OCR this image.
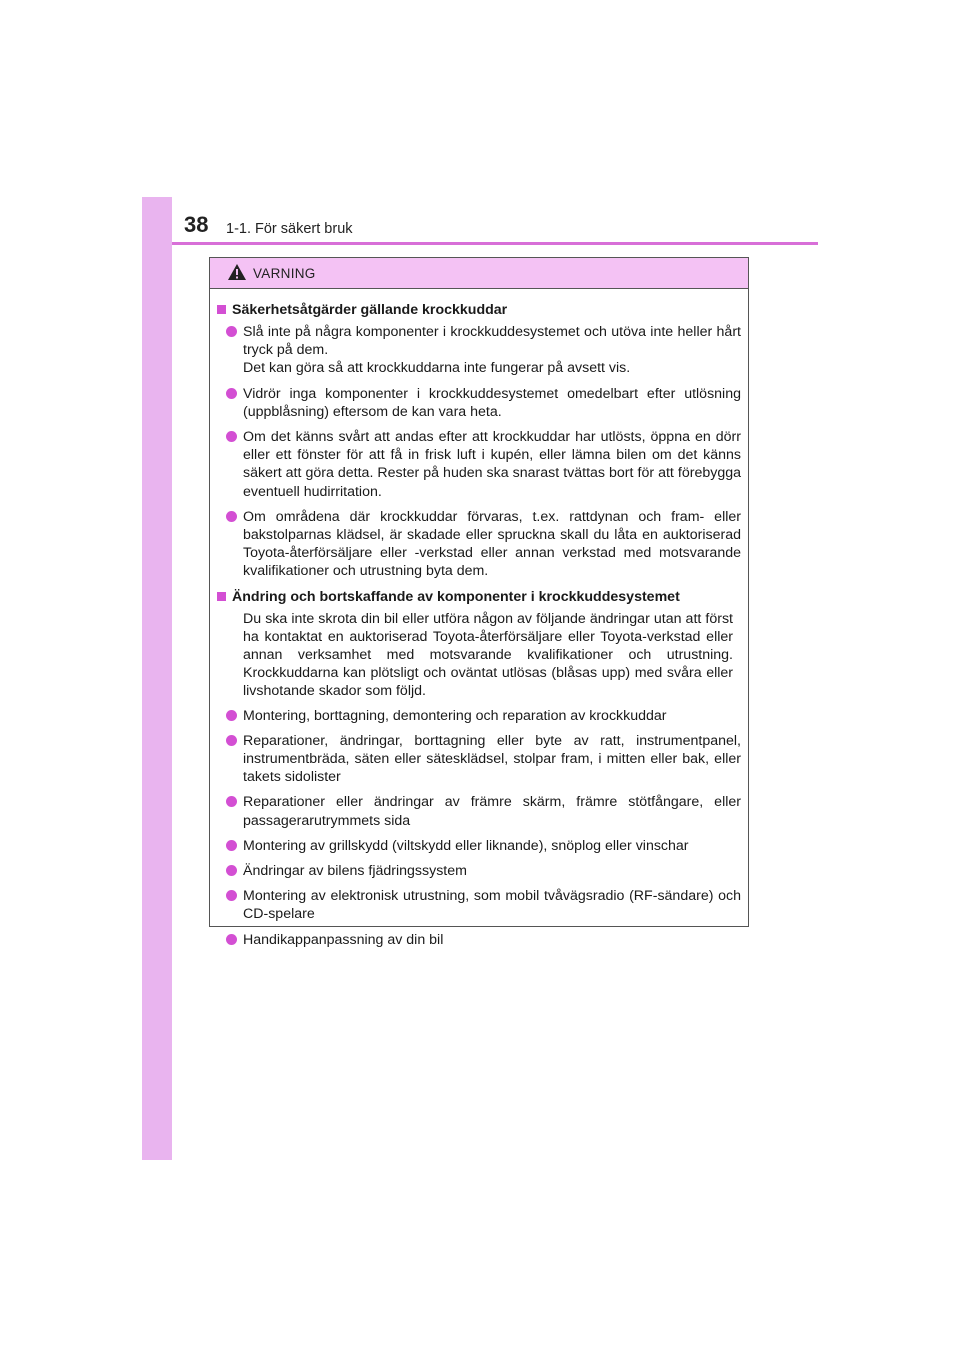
38 1-1. För säkert bruk
VARNING
Säkerhetsåtgärder gällande krockkuddar
Slå inte på några komponenter i krockkuddesystemet och utöva inte heller hårt tryck på dem.
Det kan göra så att krockkuddarna inte fungerar på avsett vis.
Vidrör inga komponenter i krockkuddesystemet omedelbart efter utlösning (uppblåsning) eftersom de kan vara heta.
Om det känns svårt att andas efter att krockkuddar har utlösts, öppna en dörr eller ett fönster för att få in frisk luft i kupén, eller lämna bilen om det känns säkert att göra detta. Rester på huden ska snarast tvättas bort för att förebygga eventuell hudirritation.
Om områdena där krockkuddar förvaras, t.ex. rattdynan och fram- eller bakstolparnas klädsel, är skadade eller spruckna skall du låta en auktoriserad Toyota-återförsäljare eller -verkstad eller annan verkstad med motsvarande kvalifikationer och utrustning byta dem.
Ändring och bortskaffande av komponenter i krockkuddesystemet
Du ska inte skrota din bil eller utföra någon av följande ändringar utan att först ha kontaktat en auktoriserad Toyota-återförsäljare eller Toyota-verkstad eller annan verksamhet med motsvarande kvalifikationer och utrustning. Krockkuddarna kan plötsligt och oväntat utlösas (blåsas upp) med svåra eller livshotande skador som följd.
Montering, borttagning, demontering och reparation av krockkuddar
Reparationer, ändringar, borttagning eller byte av ratt, instrumentpanel, instrumentbräda, säten eller sätesklädsel, stolpar fram, i mitten eller bak, eller takets sidolister
Reparationer eller ändringar av främre skärm, främre stötfångare, eller passagerarutrymmets sida
Montering av grillskydd (viltskydd eller liknande), snöplog eller vinschar
Ändringar av bilens fjädringssystem
Montering av elektronisk utrustning, som mobil tvåvägsradio (RF-sändare) och CD-spelare
Handikappanpassning av din bil
